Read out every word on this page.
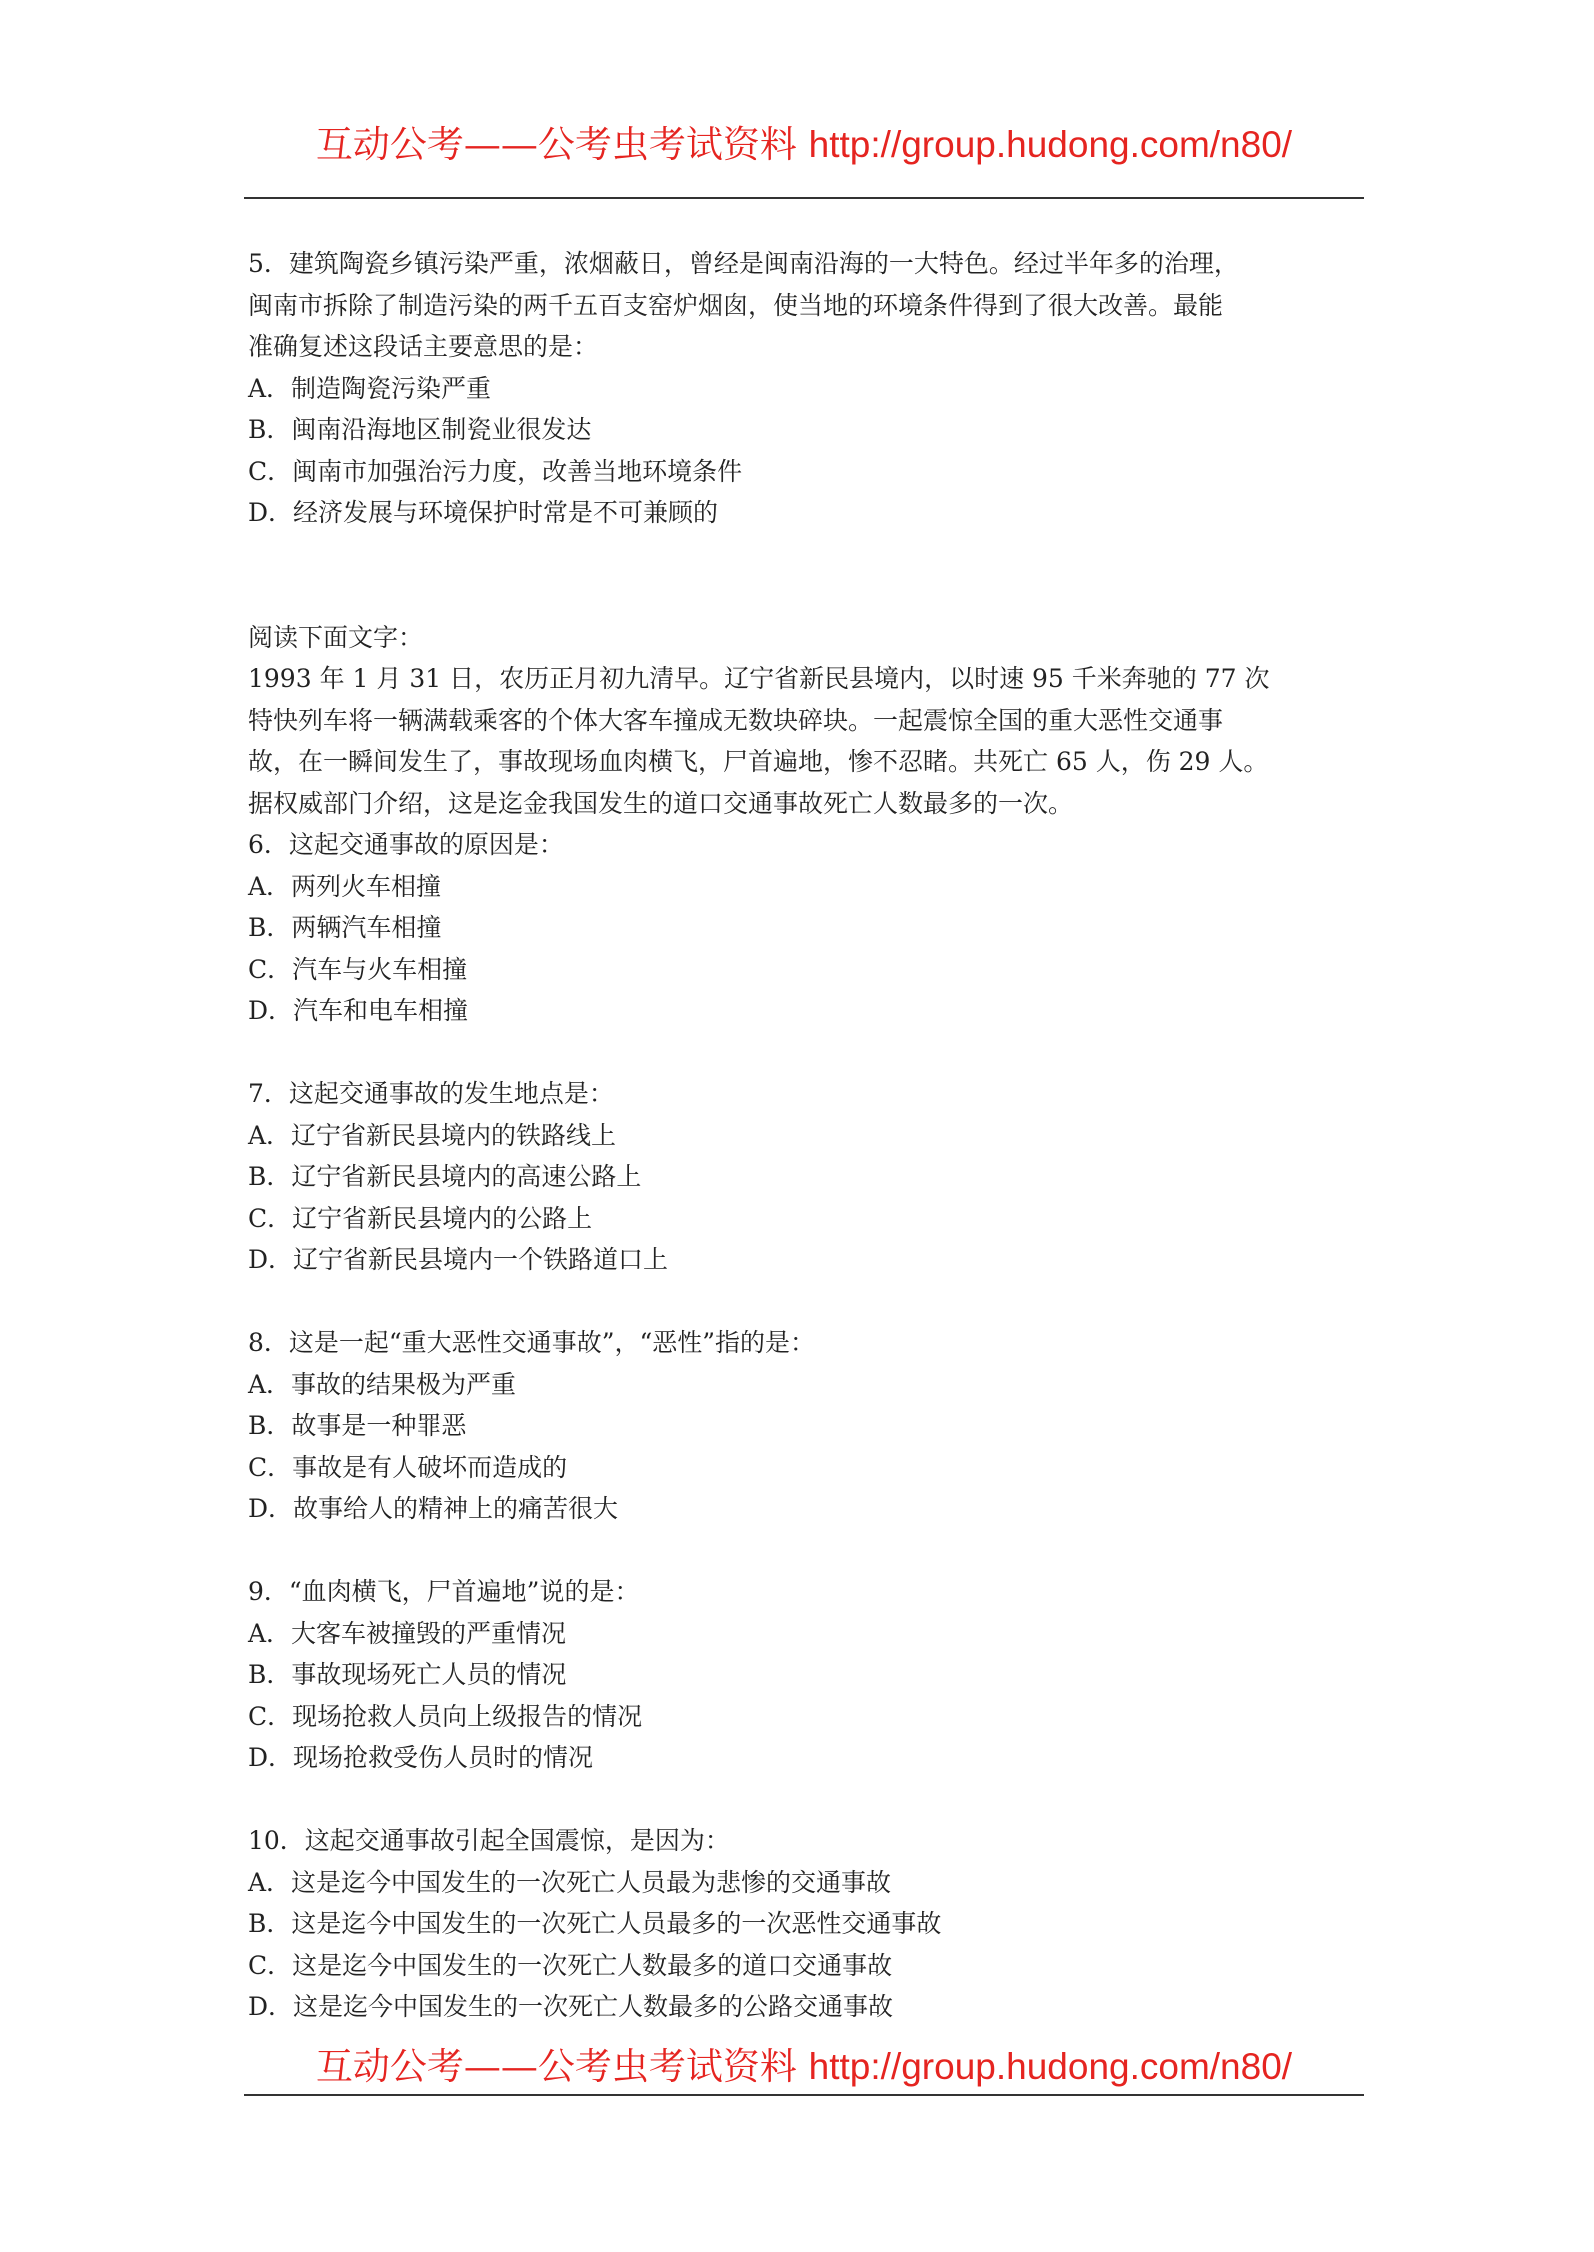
互动公考——公考虫考试资料 http://group.hudong.com/n80/
5．建筑陶瓷乡镇污染严重，浓烟蔽日，曾经是闽南沿海的一大特色。经过半年多的治理，
闽南市拆除了制造污染的两千五百支窑炉烟囱，使当地的环境条件得到了很大改善。最能
准确复述这段话主要意思的是：
A．制造陶瓷污染严重
B．闽南沿海地区制瓷业很发达
C．闽南市加强治污力度，改善当地环境条件
D．经济发展与环境保护时常是不可兼顾的
阅读下面文字：
1993 年 1 月 31 日，农历正月初九清早。辽宁省新民县境内，以时速 95 千米奔驰的 77 次
特快列车将一辆满载乘客的个体大客车撞成无数块碎块。一起震惊全国的重大恶性交通事
故，在一瞬间发生了，事故现场血肉横飞，尸首遍地，惨不忍睹。共死亡 65 人，伤 29 人。
据权威部门介绍，这是迄金我国发生的道口交通事故死亡人数最多的一次。
6．这起交通事故的原因是：
A．两列火车相撞
B．两辆汽车相撞
C．汽车与火车相撞
D．汽车和电车相撞
7．这起交通事故的发生地点是：
A．辽宁省新民县境内的铁路线上
B．辽宁省新民县境内的高速公路上
C．辽宁省新民县境内的公路上
D．辽宁省新民县境内一个铁路道口上
8．这是一起“重大恶性交通事故”，“恶性”指的是：
A．事故的结果极为严重
B．故事是一种罪恶
C．事故是有人破坏而造成的
D．故事给人的精神上的痛苦很大
9．“血肉横飞，尸首遍地”说的是：
A．大客车被撞毁的严重情况
B．事故现场死亡人员的情况
C．现场抢救人员向上级报告的情况
D．现场抢救受伤人员时的情况
10．这起交通事故引起全国震惊，是因为：
A．这是迄今中国发生的一次死亡人员最为悲惨的交通事故
B．这是迄今中国发生的一次死亡人员最多的一次恶性交通事故
C．这是迄今中国发生的一次死亡人数最多的道口交通事故
D．这是迄今中国发生的一次死亡人数最多的公路交通事故
互动公考——公考虫考试资料 http://group.hudong.com/n80/
